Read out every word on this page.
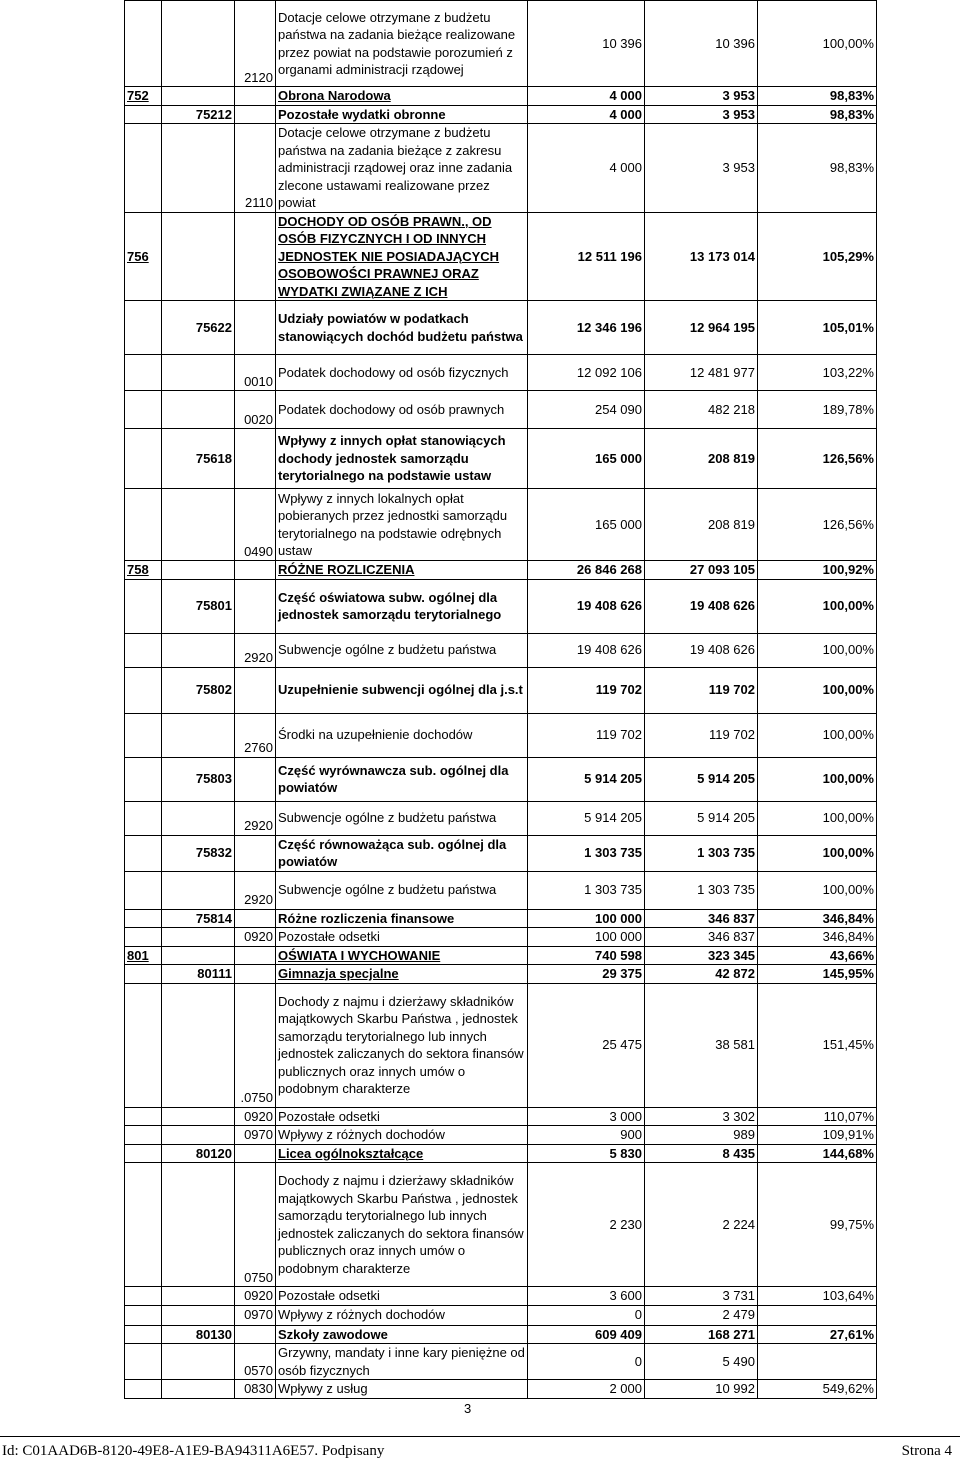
		2120	Dotacje celowe otrzymane z budżetu państwa na zadania bieżące realizowane przez powiat na podstawie porozumień z organami administracji rządowej	10 396	10 396	100,00%
752			Obrona Narodowa	4 000	3 953	98,83%
	75212		Pozostałe wydatki obronne	4 000	3 953	98,83%
		2110	Dotacje celowe otrzymane z budżetu państwa na zadania bieżące z zakresu administracji rządowej oraz inne zadania zlecone ustawami realizowane przez powiat	4 000	3 953	98,83%
756			DOCHODY OD OSÓB PRAWN., OD OSÓB FIZYCZNYCH I OD INNYCH JEDNOSTEK NIE POSIADAJĄCYCH OSOBOWOŚCI PRAWNEJ ORAZ WYDATKI ZWIĄZANE Z ICH	12 511 196	13 173 014	105,29%
	75622		Udziały powiatów w podatkach stanowiących dochód budżetu państwa	12 346 196	12 964 195	105,01%
		0010	Podatek dochodowy od osób fizycznych	12 092 106	12 481 977	103,22%
		0020	Podatek dochodowy od osób prawnych	254 090	482 218	189,78%
	75618		Wpływy z innych opłat stanowiących dochody jednostek samorządu terytorialnego na podstawie ustaw	165 000	208 819	126,56%
		0490	Wpływy z innych lokalnych opłat pobieranych przez jednostki samorządu terytorialnego na podstawie odrębnych ustaw	165 000	208 819	126,56%
758			RÓŻNE ROZLICZENIA	26 846 268	27 093 105	100,92%
	75801		Część oświatowa subw. ogólnej dla jednostek samorządu terytorialnego	19 408 626	19 408 626	100,00%
		2920	Subwencje ogólne z budżetu państwa	19 408 626	19 408 626	100,00%
	75802		Uzupełnienie subwencji ogólnej dla j.s.t	119 702	119 702	100,00%
		2760	Środki na uzupełnienie dochodów	119 702	119 702	100,00%
	75803		Część wyrównawcza sub. ogólnej dla powiatów	5 914 205	5 914 205	100,00%
		2920	Subwencje ogólne z budżetu państwa	5 914 205	5 914 205	100,00%
	75832		Część równoważąca sub. ogólnej dla powiatów	1 303 735	1 303 735	100,00%
		2920	Subwencje ogólne z budżetu państwa	1 303 735	1 303 735	100,00%
	75814		Różne rozliczenia finansowe	100 000	346 837	346,84%
		0920	Pozostałe odsetki	100 000	346 837	346,84%
801			OŚWIATA I WYCHOWANIE	740 598	323 345	43,66%
	80111		Gimnazja specjalne	29 375	42 872	145,95%
		.0750	Dochody z najmu i dzierżawy składników majątkowych Skarbu Państwa , jednostek samorządu terytorialnego lub innych jednostek zaliczanych do sektora finansów publicznych oraz innych umów o podobnym charakterze	25 475	38 581	151,45%
		0920	Pozostałe odsetki	3 000	3 302	110,07%
		0970	Wpływy z różnych dochodów	900	989	109,91%
	80120		Licea ogólnokształcące	5 830	8 435	144,68%
		0750	Dochody z najmu i dzierżawy składników majątkowych Skarbu Państwa , jednostek samorządu terytorialnego lub innych jednostek zaliczanych do sektora finansów publicznych oraz innych umów o podobnym charakterze	2 230	2 224	99,75%
		0920	Pozostałe odsetki	3 600	3 731	103,64%
		0970	Wpływy z różnych dochodów	0	2 479	
	80130		Szkoły zawodowe	609 409	168 271	27,61%
		0570	Grzywny, mandaty i inne kary pieniężne od osób fizycznych	0	5 490	
		0830	Wpływy z usług	2 000	10 992	549,62%
3
Id: C01AAD6B-8120-49E8-A1E9-BA94311A6E57. Podpisany	Strona 4
